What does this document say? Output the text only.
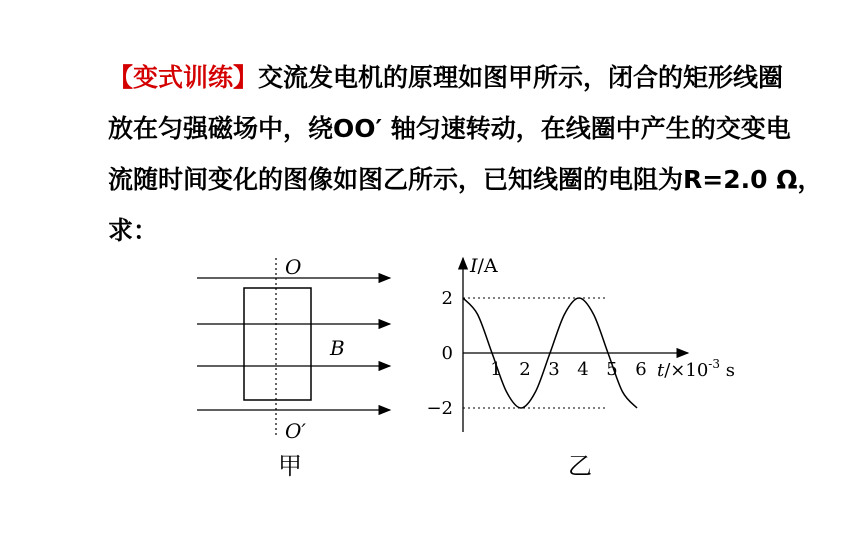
【变式训练】交流发电机的原理如图甲所示，闭合的矩形线圈
放在匀强磁场中，绕OO′ 轴匀速转动，在线圈中产生的交变电
流随时间变化的图像如图乙所示，已知线圈的电阻为R=2.0 Ω，
求：
O
O′
B
甲
1 2 3 4 5 6
2
0
−2
I/A
$t/\times 10^{-3}$ s
乙
